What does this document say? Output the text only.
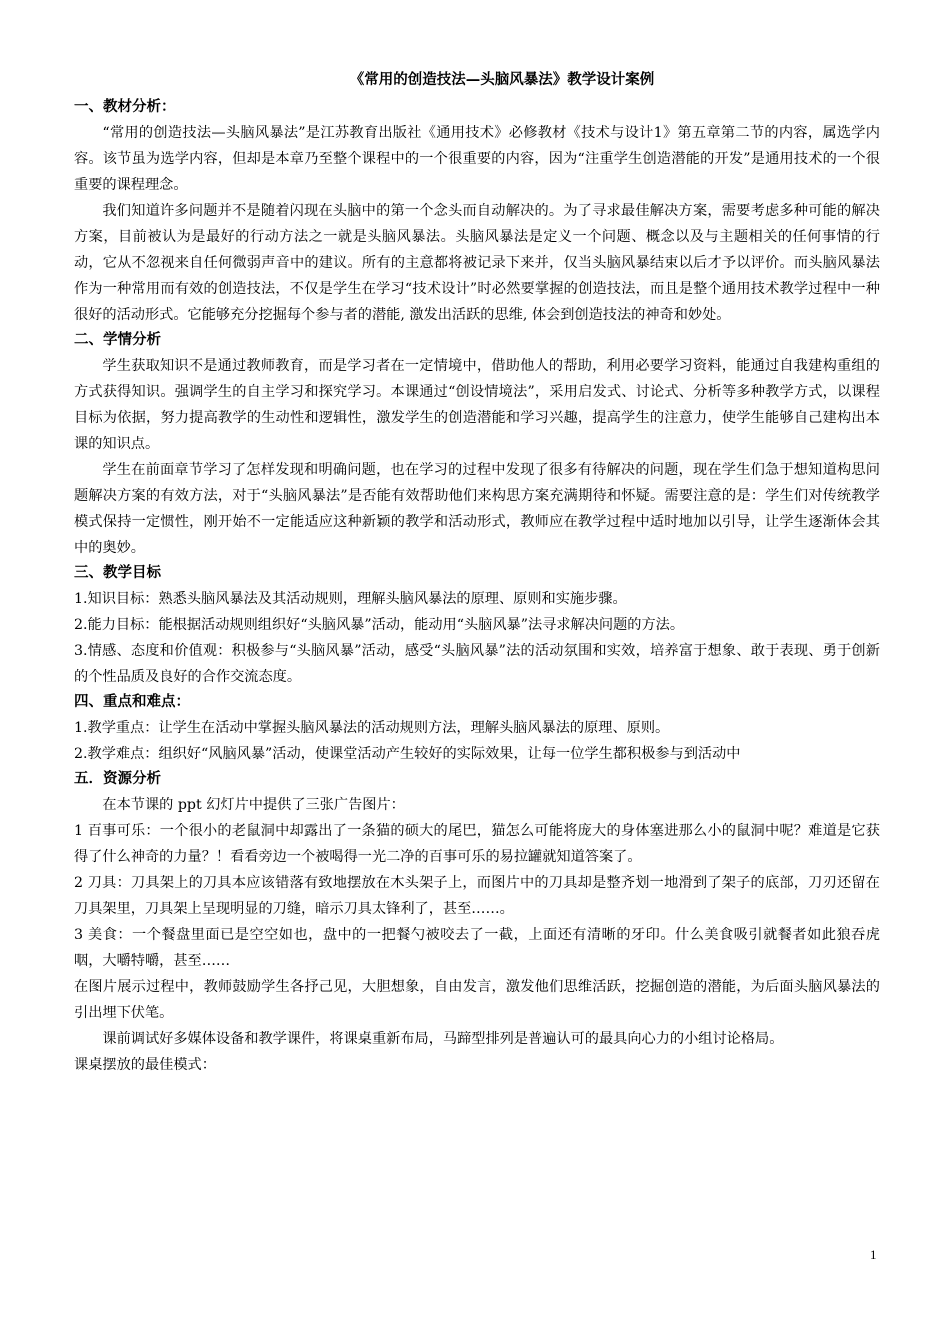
《常用的创造技法—头脑风暴法》教学设计案例

一、教材分析：

“常用的创造技法—头脑风暴法”是江苏教育出版社《通用技术》必修教材《技术与设计1》第五章第二节的内容，属选学内容。该节虽为选学内容，但却是本章乃至整个课程中的一个很重要的内容，因为“注重学生创造潜能的开发”是通用技术的一个很重要的课程理念。

我们知道许多问题并不是随着闪现在头脑中的第一个念头而自动解决的。为了寻求最佳解决方案，需要考虑多种可能的解决方案，目前被认为是最好的行动方法之一就是头脑风暴法。头脑风暴法是定义一个问题、概念以及与主题相关的任何事情的行动，它从不忽视来自任何微弱声音中的建议。所有的主意都将被记录下来并，仅当头脑风暴结束以后才予以评价。而头脑风暴法作为一种常用而有效的创造技法，不仅是学生在学习“技术设计”时必然要掌握的创造技法，而且是整个通用技术教学过程中一种很好的活动形式。它能够充分挖掘每个参与者的潜能, 激发出活跃的思维, 体会到创造技法的神奇和妙处。

二、学情分析

学生获取知识不是通过教师教育，而是学习者在一定情境中，借助他人的帮助，利用必要学习资料，能通过自我建构重组的方式获得知识。强调学生的自主学习和探究学习。本课通过“创设情境法”，采用启发式、讨论式、分析等多种教学方式，以课程目标为依据，努力提高教学的生动性和逻辑性，激发学生的创造潜能和学习兴趣，提高学生的注意力，使学生能够自己建构出本课的知识点。

学生在前面章节学习了怎样发现和明确问题，也在学习的过程中发现了很多有待解决的问题，现在学生们急于想知道构思问题解决方案的有效方法，对于“头脑风暴法”是否能有效帮助他们来构思方案充满期待和怀疑。需要注意的是：学生们对传统教学模式保持一定惯性，刚开始不一定能适应这种新颖的教学和活动形式，教师应在教学过程中适时地加以引导，让学生逐渐体会其中的奥妙。

三、教学目标

1.知识目标：熟悉头脑风暴法及其活动规则，理解头脑风暴法的原理、原则和实施步骤。

2.能力目标：能根据活动规则组织好“头脑风暴”活动，能动用“头脑风暴”法寻求解决问题的方法。

3.情感、态度和价值观：积极参与“头脑风暴”活动，感受“头脑风暴”法的活动氛围和实效，培养富于想象、敢于表现、勇于创新的个性品质及良好的合作交流态度。

四、重点和难点：

1.教学重点：让学生在活动中掌握头脑风暴法的活动规则方法，理解头脑风暴法的原理、原则。

2.教学难点：组织好“风脑风暴”活动，使课堂活动产生较好的实际效果，让每一位学生都积极参与到活动中

五．资源分析

在本节课的 ppt 幻灯片中提供了三张广告图片：

1 百事可乐：一个很小的老鼠洞中却露出了一条猫的硕大的尾巴，猫怎么可能将庞大的身体塞进那么小的鼠洞中呢？难道是它获得了什么神奇的力量？！看看旁边一个被喝得一光二净的百事可乐的易拉罐就知道答案了。

2 刀具：刀具架上的刀具本应该错落有致地摆放在木头架子上，而图片中的刀具却是整齐划一地滑到了架子的底部，刀刃还留在刀具架里，刀具架上呈现明显的刀缝，暗示刀具太锋利了，甚至……。

3 美食：一个餐盘里面已是空空如也，盘中的一把餐勺被咬去了一截，上面还有清晰的牙印。什么美食吸引就餐者如此狼吞虎咽，大嚼特嚼，甚至……

在图片展示过程中，教师鼓励学生各抒己见，大胆想象，自由发言，激发他们思维活跃，挖掘创造的潜能，为后面头脑风暴法的引出埋下伏笔。

课前调试好多媒体设备和教学课件，将课桌重新布局，马蹄型排列是普遍认可的最具向心力的小组讨论格局。

课桌摆放的最佳模式：

1
